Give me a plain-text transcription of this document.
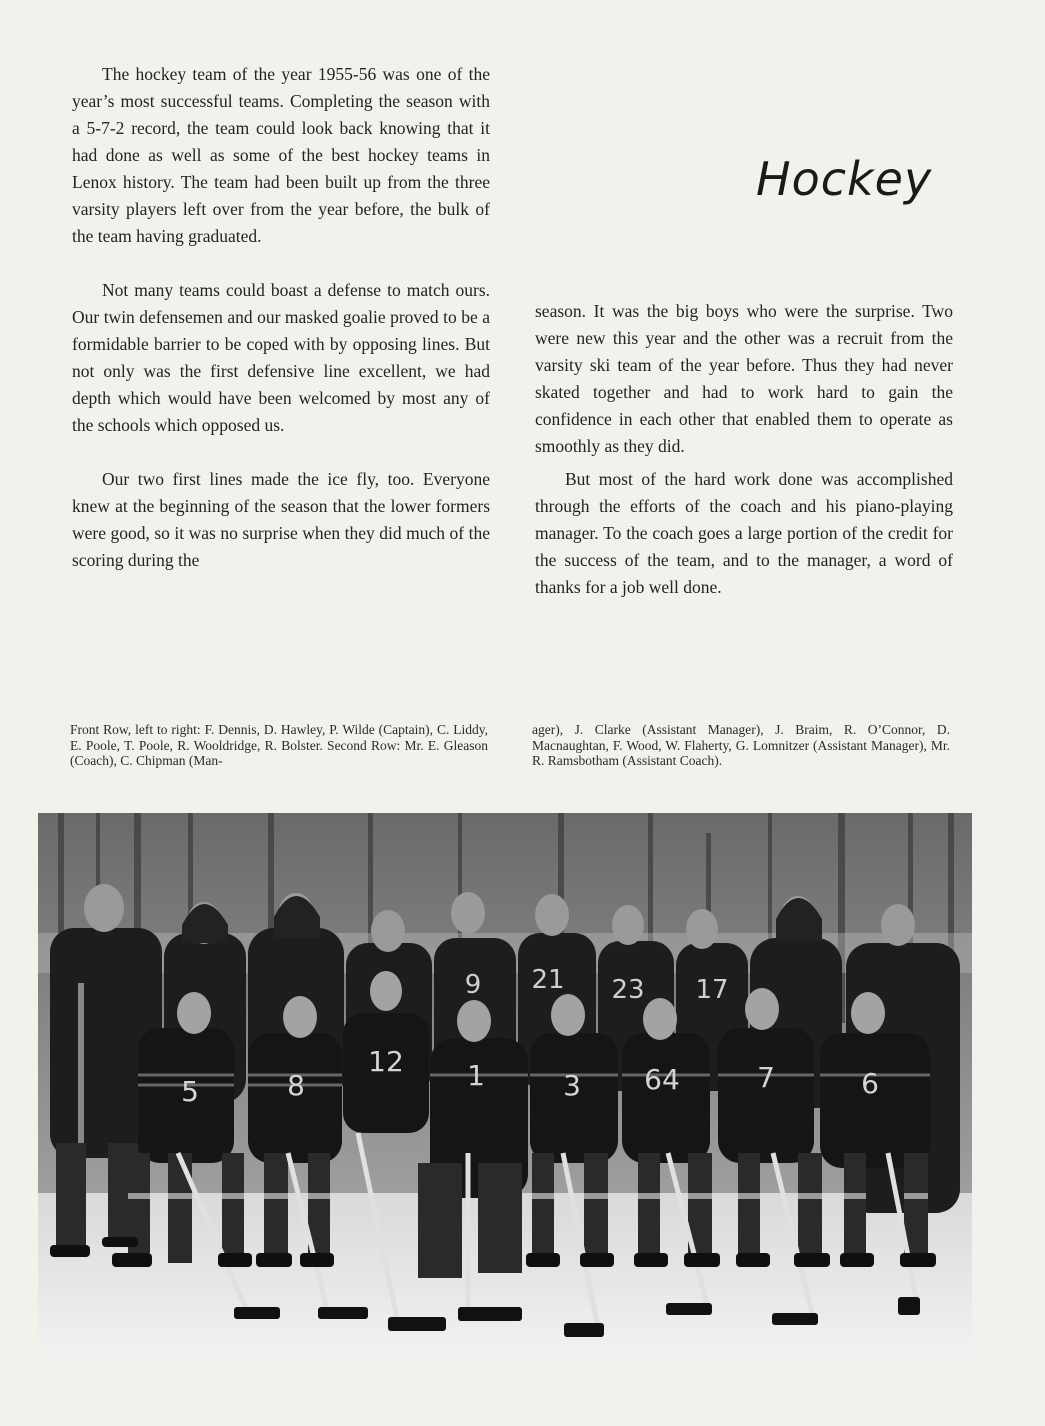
Hockey

The hockey team of the year 1955-56 was one of the year’s most successful teams. Completing the season with a 5-7-2 record, the team could look back knowing that it had done as well as some of the best hockey teams in Lenox history. The team had been built up from the three varsity players left over from the year before, the bulk of the team having graduated.

Not many teams could boast a defense to match ours. Our twin defensemen and our masked goalie proved to be a formidable barrier to be coped with by opposing lines. But not only was the first defensive line excellent, we had depth which would have been welcomed by most any of the schools which opposed us.

Our two first lines made the ice fly, too. Everyone knew at the beginning of the season that the lower formers were good, so it was no surprise when they did much of the scoring during the

season. It was the big boys who were the surprise. Two were new this year and the other was a recruit from the varsity ski team of the year before. Thus they had never skated together and had to work hard to gain the confidence in each other that enabled them to operate as smoothly as they did.

But most of the hard work done was accomplished through the efforts of the coach and his piano-playing manager. To the coach goes a large portion of the credit for the success of the team, and to the manager, a word of thanks for a job well done.

Front Row, left to right: F. Dennis, D. Hawley, P. Wilde (Captain), C. Liddy, E. Poole, T. Poole, R. Wooldridge, R. Bolster. Second Row: Mr. E. Gleason (Coach), C. Chipman (Man-
ager), J. Clarke (Assistant Manager), J. Braim, R. O’Connor, D. Macnaughtan, F. Wood, W. Flaherty, G. Lomnitzer (Assistant Manager), Mr. R. Ramsbotham (Assistant Coach).
9 21 23 17
5	8
12 1	3 64	7	6
